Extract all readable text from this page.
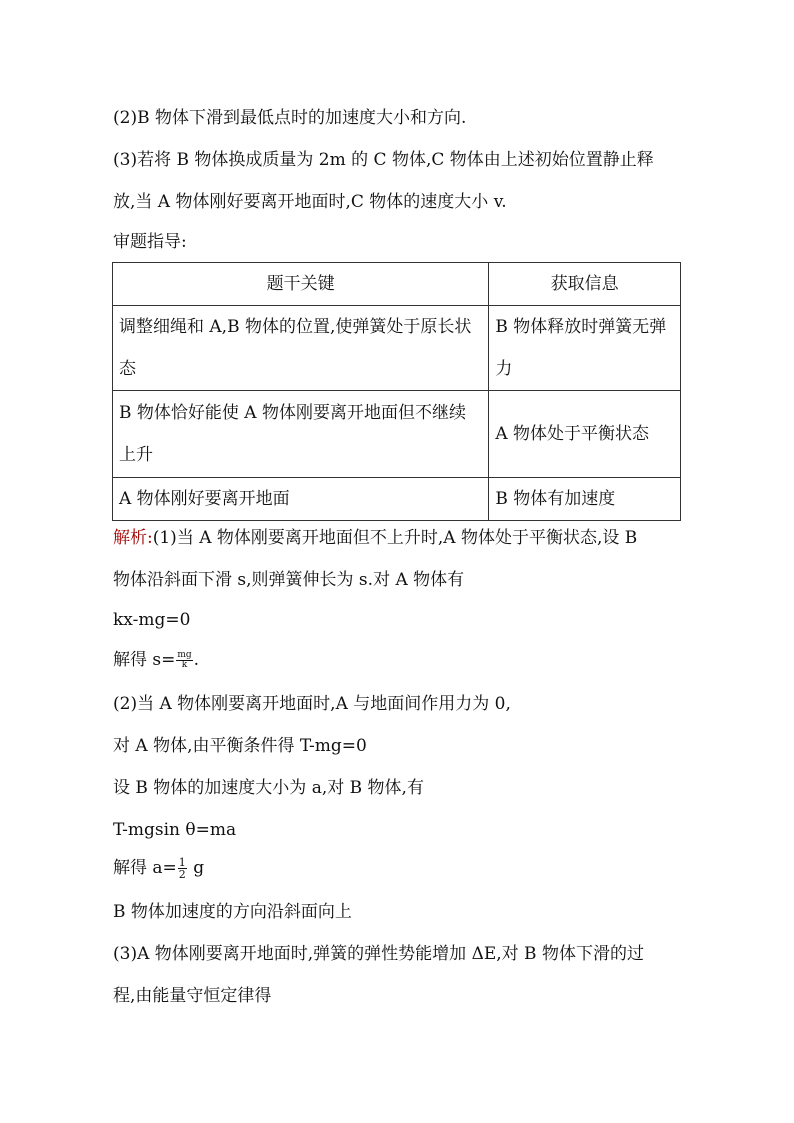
(2)B 物体下滑到最低点时的加速度大小和方向.
(3)若将 B 物体换成质量为 2m 的 C 物体,C 物体由上述初始位置静止释
放,当 A 物体刚好要离开地面时,C 物体的速度大小 v.
审题指导:
题干关键	获取信息
调整细绳和 A,B 物体的位置,使弹簧处于原长状态	B 物体释放时弹簧无弹力
B 物体恰好能使 A 物体刚要离开地面但不继续上升	A 物体处于平衡状态
A 物体刚好要离开地面	B 物体有加速度
解析:(1)当 A 物体刚要离开地面但不上升时,A 物体处于平衡状态,设 B
物体沿斜面下滑 s,则弹簧伸长为 s.对 A 物体有
kx-mg=0
解得 $s= \frac{mg}{k}$ .
(2)当 A 物体刚要离开地面时,A 与地面间作用力为 0,
对 A 物体,由平衡条件得 T-mg=0
设 B 物体的加速度大小为 a,对 B 物体,有
T-mgsin θ=ma
解得 $a= \frac{1}{2}$ g
B 物体加速度的方向沿斜面向上
(3)A 物体刚要离开地面时,弹簧的弹性势能增加 ΔE,对 B 物体下滑的过
程,由能量守恒定律得
